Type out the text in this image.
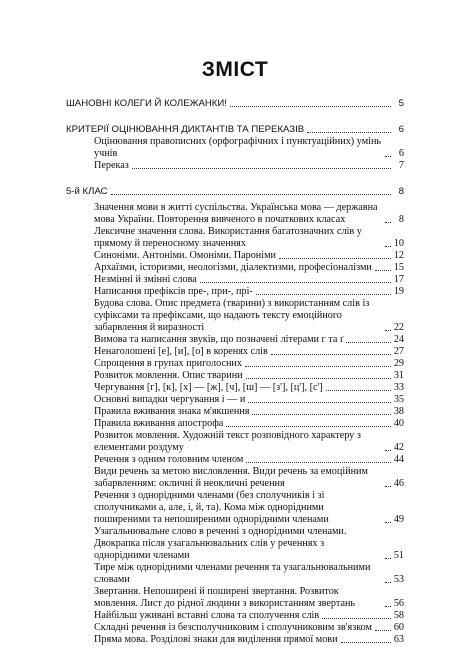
ЗМІСТ
ШАНОВНІ КОЛЕГИ Й КОЛЕЖАНКИ!	5
КРИТЕРІЇ ОЦІНЮВАННЯ ДИКТАНТІВ ТА ПЕРЕКАЗІВ	6
Оцінювання правописних (орфографічних і пунктуаційних) умінь учнів	6
Переказ	7
5-й КЛАС	8
Значення мови в житті суспільства. Українська мова — державна мова України. Повторення вивченого в початкових класах	8
Лексичне значення слова. Використання багатозначних слів у прямому й переносному значеннях	10
Синоніми. Антоніми. Омоніми. Пароніми	12
Архаїзми, історизми, неологізми, діалектизми, професіоналізми 15
Незмінні й змінні слова	17
Написання префіксів пре-, при-, прі-	19
Будова слова. Опис предмета (тварини) з використанням слів із суфіксами та префіксами, що надають тексту емоційного забарвлення й виразності	22
Вимова та написання звуків, що позначені літерами г та ґ	24
Ненаголошені [е], [и], [о] в коренях слів	27
Спрощення в групах приголосних	29
Розвиток мовлення. Опис тварини	31
Чергування [г], [к], [х] — [ж], [ч], [ш] — [з'], [ц'], [с']	33
Основні випадки чергування і — и	35
Правила вживання знака м'якшення	38
Правила вживання апострофа	40
Розвиток мовлення. Художній текст розповідного характеру з елементами роздуму	42
Речення з одним головним членом	44
Види речень за метою висловлення. Види речень за емоційним забарвленням: окличні й неокличні речення	46
Речення з однорідними членами (без сполучників і зі сполучниками а, але, і, й, та). Кома між однорідними поширеними та непоширеними однорідними членами	49
Узагальнювальне слово в реченні з однорідними членами. Двокрапка після узагальнювальних слів у реченнях з однорідними членами	51
Тире між однорідними членами речення та узагальнювальними словами	53
Звертання. Непоширені й поширені звертання. Розвиток мовлення. Лист до рідної людини з використанням звертань	56
Найбільш уживані вставні слова та сполучення слів	58
Складні речення із безсполучниковим і сполучниковим зв'язком 60
Пряма мова. Розділові знаки для виділення прямої мови	63
